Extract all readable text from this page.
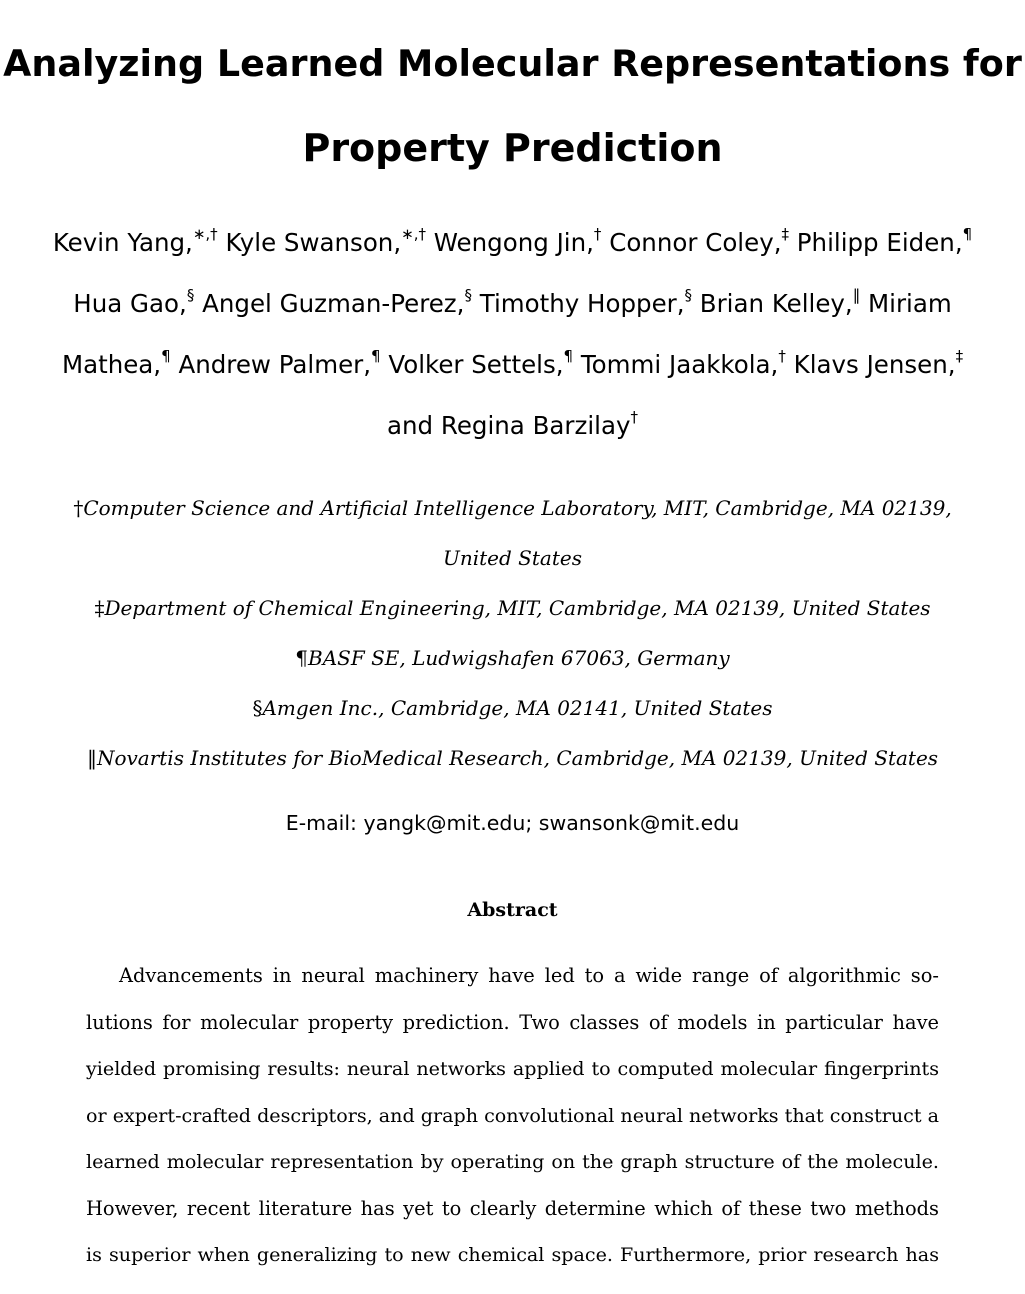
Analyzing Learned Molecular Representations for
Property Prediction
Kevin Yang,∗,† Kyle Swanson,∗,† Wengong Jin,† Connor Coley,‡ Philipp Eiden,¶
Hua Gao,§ Angel Guzman-Perez,§ Timothy Hopper,§ Brian Kelley,‖ Miriam
Mathea,¶ Andrew Palmer,¶ Volker Settels,¶ Tommi Jaakkola,† Klavs Jensen,‡
and Regina Barzilay†
†Computer Science and Artificial Intelligence Laboratory, MIT, Cambridge, MA 02139,
United States
‡Department of Chemical Engineering, MIT, Cambridge, MA 02139, United States
¶BASF SE, Ludwigshafen 67063, Germany
§Amgen Inc., Cambridge, MA 02141, United States
‖Novartis Institutes for BioMedical Research, Cambridge, MA 02139, United States
E-mail: yangk@mit.edu; swansonk@mit.edu
Abstract
Advancements in neural machinery have led to a wide range of algorithmic so-
lutions for molecular property prediction. Two classes of models in particular have
yielded promising results: neural networks applied to computed molecular fingerprints
or expert-crafted descriptors, and graph convolutional neural networks that construct a
learned molecular representation by operating on the graph structure of the molecule.
However, recent literature has yet to clearly determine which of these two methods
is superior when generalizing to new chemical space. Furthermore, prior research has
